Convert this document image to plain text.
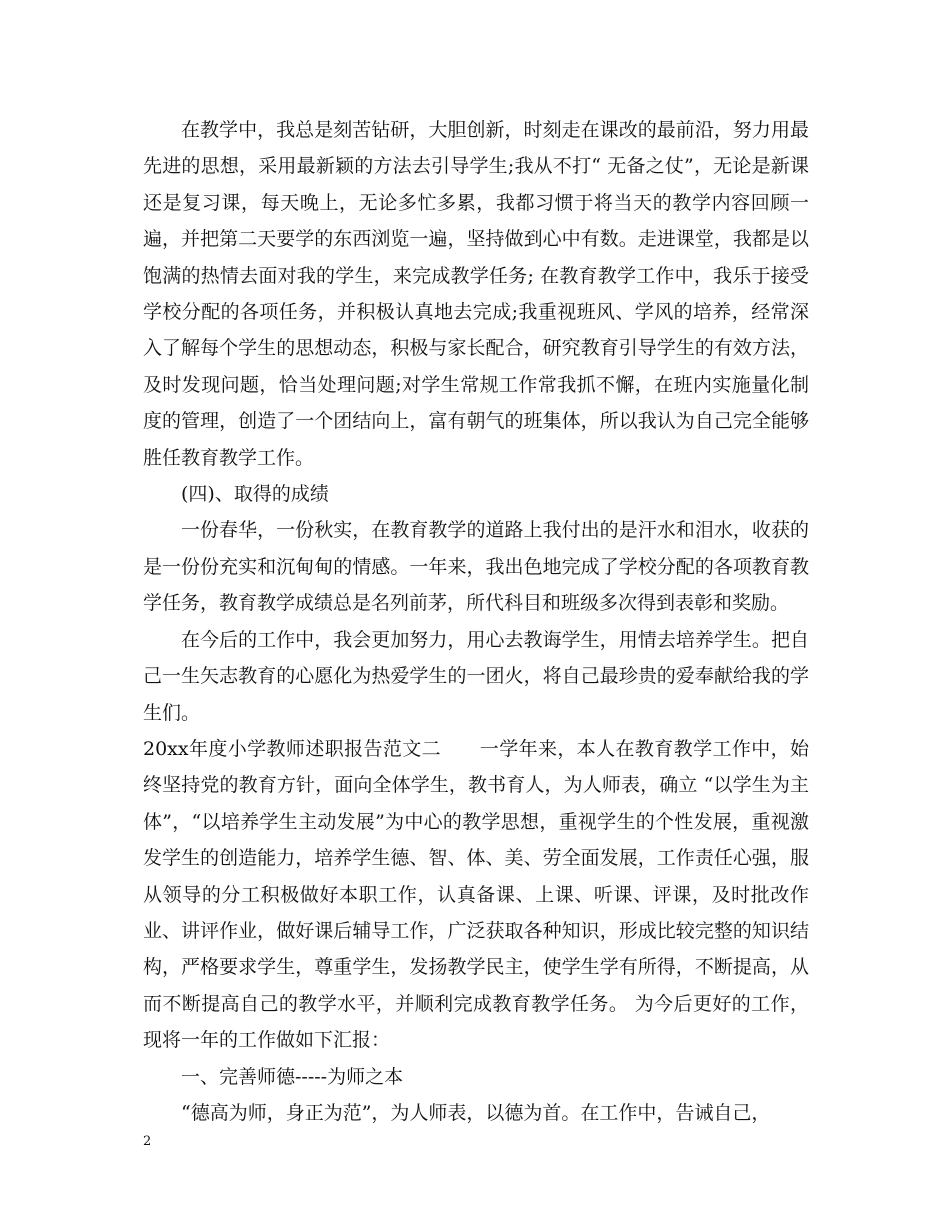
在教学中，我总是刻苦钻研，大胆创新，时刻走在课改的最前沿，努力用最先进的思想，采用最新颖的方法去引导学生;我从不打“ 无备之仗”，无论是新课还是复习课，每天晚上，无论多忙多累，我都习惯于将当天的教学内容回顾一遍，并把第二天要学的东西浏览一遍，坚持做到心中有数。走进课堂，我都是以饱满的热情去面对我的学生，来完成教学任务; 在教育教学工作中，我乐于接受学校分配的各项任务，并积极认真地去完成;我重视班风、学风的培养，经常深入了解每个学生的思想动态，积极与家长配合，研究教育引导学生的有效方法，及时发现问题，恰当处理问题;对学生常规工作常我抓不懈，在班内实施量化制度的管理，创造了一个团结向上，富有朝气的班集体，所以我认为自己完全能够胜任教育教学工作。

(四)、取得的成绩

一份春华，一份秋实，在教育教学的道路上我付出的是汗水和泪水，收获的是一份份充实和沉甸甸的情感。一年来，我出色地完成了学校分配的各项教育教学任务，教育教学成绩总是名列前茅，所代科目和班级多次得到表彰和奖励。

在今后的工作中，我会更加努力，用心去教诲学生，用情去培养学生。把自己一生矢志教育的心愿化为热爱学生的一团火，将自己最珍贵的爱奉献给我的学生们。

20xx年度小学教师述职报告范文二　　一学年来，本人在教育教学工作中，始终坚持党的教育方针，面向全体学生，教书育人，为人师表，确立 “以学生为主体”，“以培养学生主动发展”为中心的教学思想，重视学生的个性发展，重视激发学生的创造能力，培养学生德、智、体、美、劳全面发展，工作责任心强，服从领导的分工积极做好本职工作，认真备课、上课、听课、评课，及时批改作业、讲评作业，做好课后辅导工作，广泛获取各种知识，形成比较完整的知识结构，严格要求学生，尊重学生，发扬教学民主，使学生学有所得，不断提高，从而不断提高自己的教学水平，并顺利完成教育教学任务。 为今后更好的工作，现将一年的工作做如下汇报：

一、完善师德-----为师之本

“德高为师，身正为范”，为人师表，以德为首。在工作中，告诫自己，

2
